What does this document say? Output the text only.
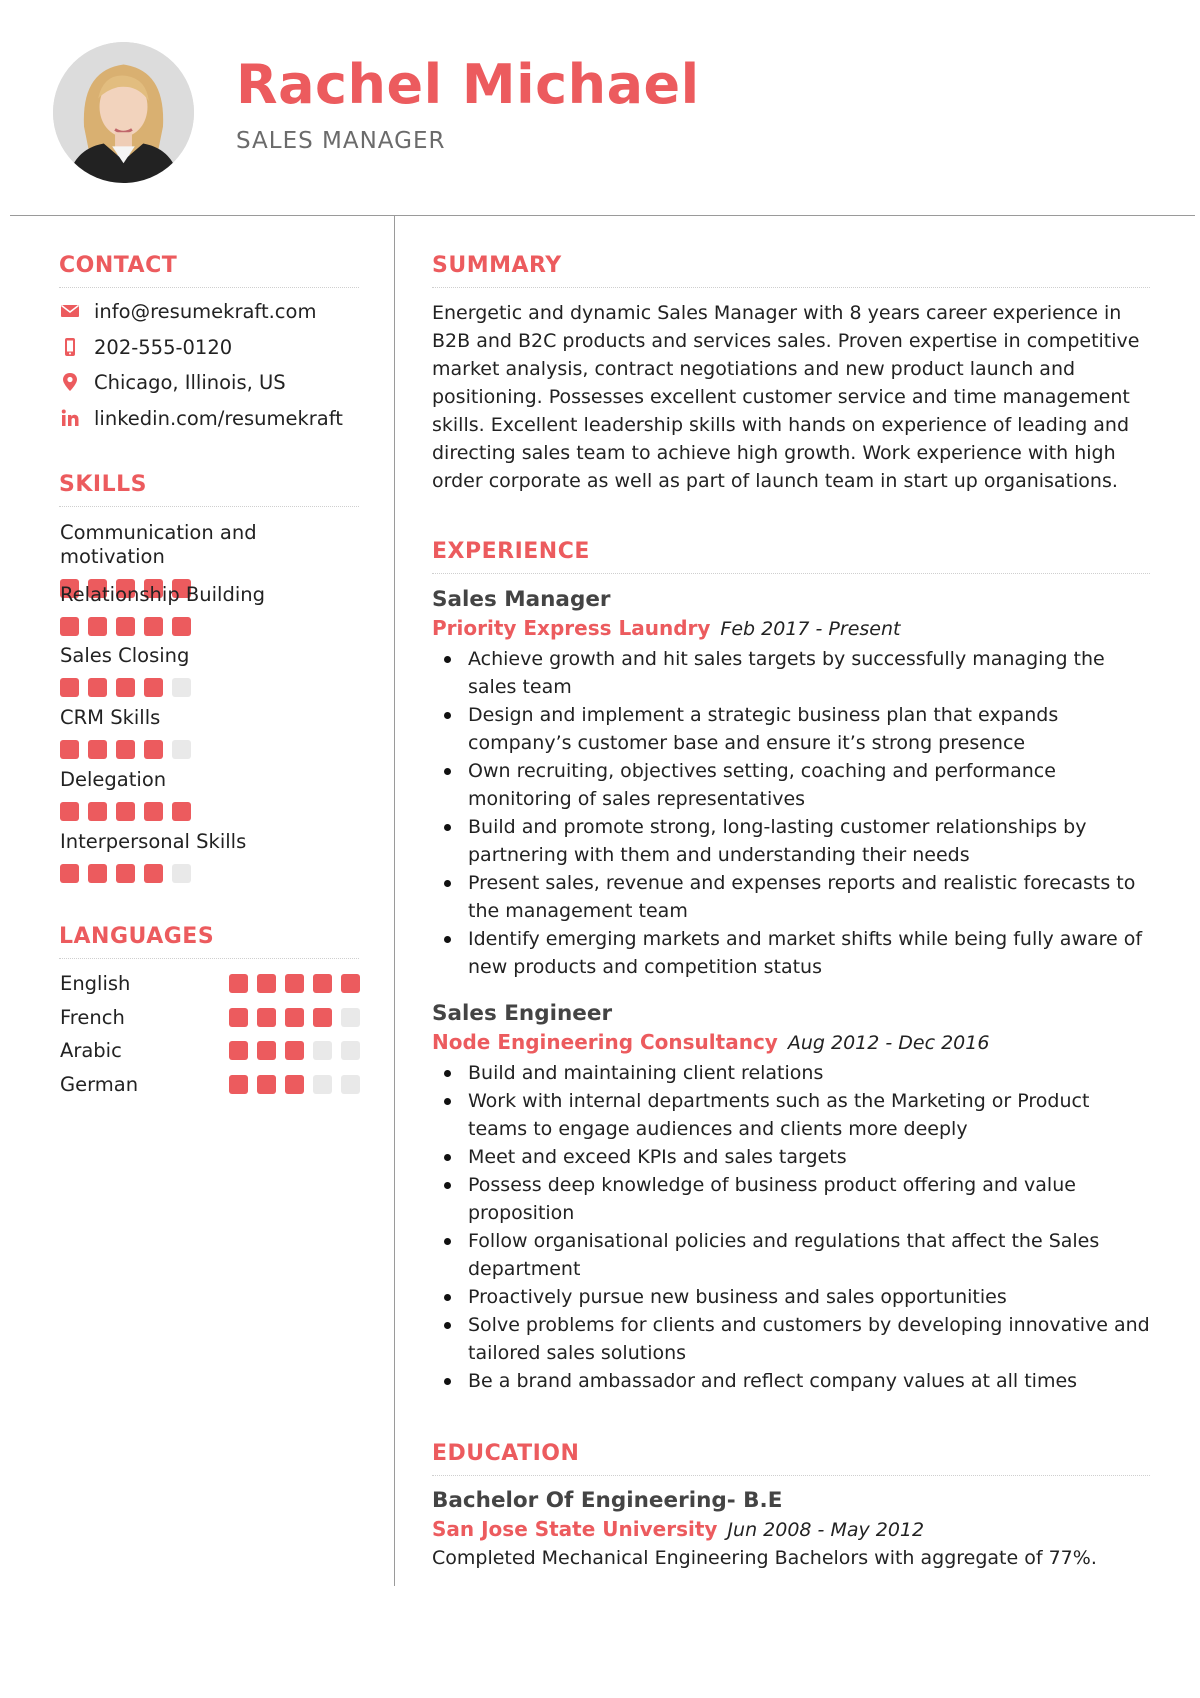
Rachel Michael
SALES MANAGER
CONTACT
info@resumekraft.com
202-555-0120
Chicago, Illinois, US
linkedin.com/resumekraft
SKILLS
Communication and motivation
Relationship Building
Sales Closing
CRM Skills
Delegation
Interpersonal Skills
LANGUAGES
English
French
Arabic
German
SUMMARY
Energetic and dynamic Sales Manager with 8 years career experience in B2B and B2C products and services sales. Proven expertise in competitive market analysis, contract negotiations and new product launch and positioning. Possesses excellent customer service and time management skills. Excellent leadership skills with hands on experience of leading and directing sales team to achieve high growth. Work experience with high order corporate as well as part of launch team in start up organisations.
EXPERIENCE
Sales Manager
Priority Express Laundry Feb 2017 - Present
Achieve growth and hit sales targets by successfully managing the sales team
Design and implement a strategic business plan that expands company’s customer base and ensure it’s strong presence
Own recruiting, objectives setting, coaching and performance monitoring of sales representatives
Build and promote strong, long-lasting customer relationships by partnering with them and understanding their needs
Present sales, revenue and expenses reports and realistic forecasts to the management team
Identify emerging markets and market shifts while being fully aware of new products and competition status
Sales Engineer
Node Engineering Consultancy Aug 2012 - Dec 2016
Build and maintaining client relations
Work with internal departments such as the Marketing or Product teams to engage audiences and clients more deeply
Meet and exceed KPIs and sales targets
Possess deep knowledge of business product offering and value proposition
Follow organisational policies and regulations that affect the Sales department
Proactively pursue new business and sales opportunities
Solve problems for clients and customers by developing innovative and tailored sales solutions
Be a brand ambassador and reflect company values at all times
EDUCATION
Bachelor Of Engineering- B.E
San Jose State University Jun 2008 - May 2012
Completed Mechanical Engineering Bachelors with aggregate of 77%.
